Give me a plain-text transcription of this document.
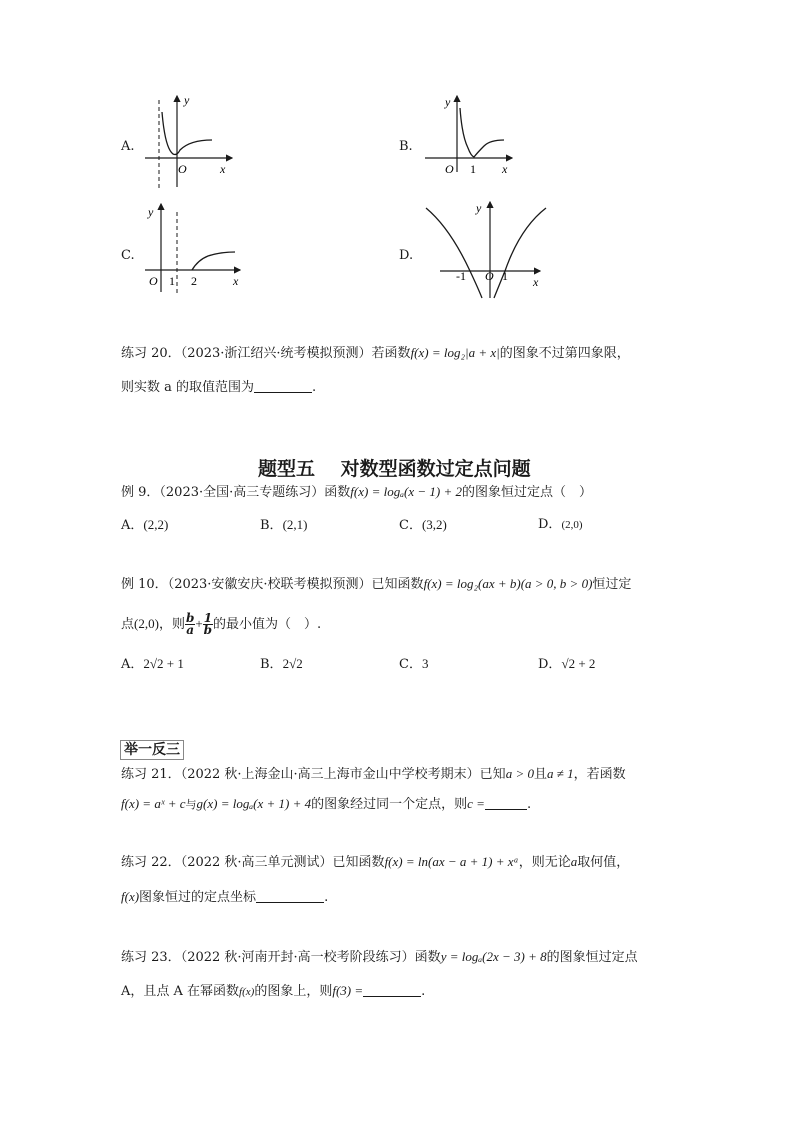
A.
y
x
O
B.
y
x
O 1
C.
y
x
O 1 2
D.
y
x
O
-1	1
练习 20．（2023·浙江绍兴·统考模拟预测）若函数f(x) = log₂|a + x|的图象不过第四象限，
则实数 a 的取值范围为	.
题型五　 对数型函数过定点问题
例 9．（2023·全国·高三专题练习）函数f(x) = logₐ(x − 1) + 2的图象恒过定点（　）
A．(2,2)	B．(2,1)	C．(3,2)	D．(2,0)
例 10．（2023·安徽安庆·校联考模拟预测）已知函数f(x) = log₂(ax + b)(a > 0, b > 0)恒过定
点(2,0)，则 $\frac{b}{a} + \frac{1}{b}$ 的最小值为（　）.
A．2√2 + 1	B．2√2	C．3	D．√2 + 2
举一反三
练习 21．（2022 秋·上海金山·高三上海市金山中学校考期末）已知a > 0且a ≠ 1，若函数
f(x) = aˣ + c与g(x) = logₐ(x + 1) + 4的图象经过同一个定点，则c =	.
练习 22．（2022 秋·高三单元测试）已知函数f(x) = ln(ax − a + 1) + xᵃ，则无论a取何值，
f(x)图象恒过的定点坐标	.
练习 23．（2022 秋·河南开封·高一校考阶段练习）函数y = logₐ(2x − 3) + 8的图象恒过定点
A，且点 A 在幂函数f(x)的图象上，则f(3) =	.
